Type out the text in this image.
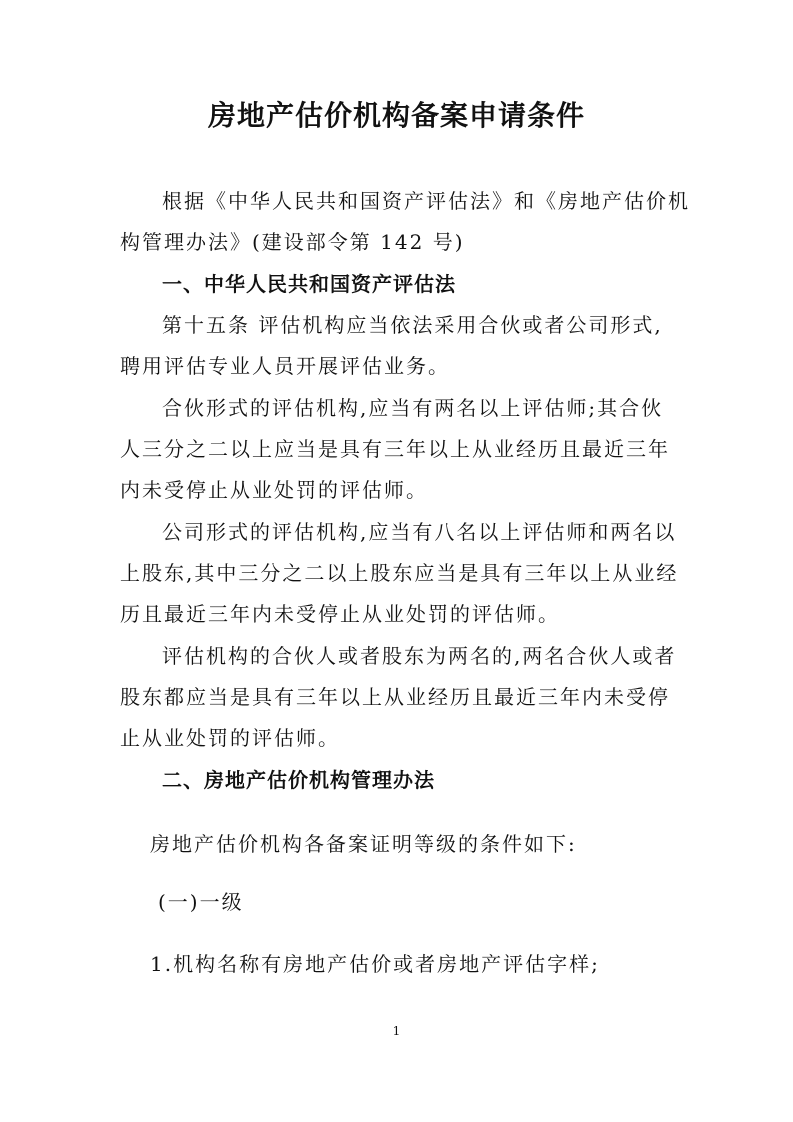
房地产估价机构备案申请条件
根据《中华人民共和国资产评估法》和《房地产估价机
构管理办法》(建设部令第 142 号)
一、中华人民共和国资产评估法
第十五条 评估机构应当依法采用合伙或者公司形式,
聘用评估专业人员开展评估业务。
合伙形式的评估机构,应当有两名以上评估师;其合伙
人三分之二以上应当是具有三年以上从业经历且最近三年
内未受停止从业处罚的评估师。
公司形式的评估机构,应当有八名以上评估师和两名以
上股东,其中三分之二以上股东应当是具有三年以上从业经
历且最近三年内未受停止从业处罚的评估师。
评估机构的合伙人或者股东为两名的,两名合伙人或者
股东都应当是具有三年以上从业经历且最近三年内未受停
止从业处罚的评估师。
二、房地产估价机构管理办法
房地产估价机构各备案证明等级的条件如下:
(一)一级
1.机构名称有房地产估价或者房地产评估字样;
1
